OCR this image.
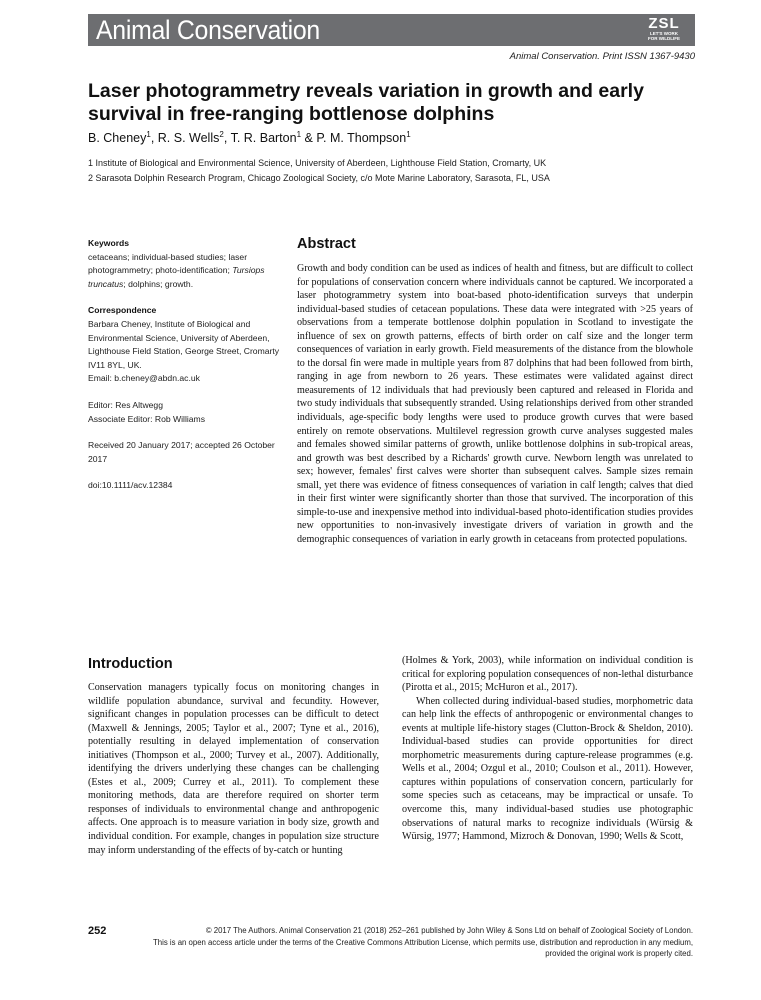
Animal Conservation	ZSL
LET'S WORK
FOR WILDLIFE
Animal Conservation. Print ISSN 1367-9430
Laser photogrammetry reveals variation in growth and early survival in free-ranging bottlenose dolphins
B. Cheney$^1$, R. S. Wells$^2$, T. R. Barton$^1$ & P. M. Thompson$^1$
1 Institute of Biological and Environmental Science, University of Aberdeen, Lighthouse Field Station, Cromarty, UK
2 Sarasota Dolphin Research Program, Chicago Zoological Society, c/o Mote Marine Laboratory, Sarasota, FL, USA

Keywords

cetaceans; individual-based studies; laser photogrammetry; photo-identification; Tursiops truncatus; dolphins; growth.

Correspondence

Barbara Cheney, Institute of Biological and Environmental Science, University of Aberdeen, Lighthouse Field Station, George Street, Cromarty IV11 8YL, UK.

Email: b.cheney@abdn.ac.uk

Editor: Res Altwegg

Associate Editor: Rob Williams

Received 20 January 2017; accepted 26 October 2017

doi:10.1111/acv.12384

Abstract

Growth and body condition can be used as indices of health and fitness, but are difficult to collect for populations of conservation concern where individuals cannot be captured. We incorporated a laser photogrammetry system into boat-based photo-identification surveys that underpin individual-based studies of cetacean populations. These data were integrated with >25 years of observations from a temperate bottlenose dolphin population in Scotland to investigate the influence of sex on growth patterns, effects of birth order on calf size and the longer term consequences of variation in early growth. Field measurements of the distance from the blowhole to the dorsal fin were made in multiple years from 87 dolphins that had been followed from birth, ranging in age from newborn to 26 years. These estimates were validated against direct measurements of 12 individuals that had previously been captured and released in Florida and two study individuals that subsequently stranded. Using relationships derived from other stranded individuals, age-specific body lengths were used to produce growth curves that were based entirely on remote observations. Multilevel regression growth curve analyses suggested males and females showed similar patterns of growth, unlike bottlenose dolphins in sub-tropical areas, and growth was best described by a Richards' growth curve. Newborn length was unrelated to sex; however, females' first calves were shorter than subsequent calves. Sample sizes remain small, yet there was evidence of fitness consequences of variation in calf length; calves that died in their first winter were significantly shorter than those that survived. The incorporation of this simple-to-use and inexpensive method into individual-based photo-identification studies provides new opportunities to non-invasively investigate drivers of variation in growth and the demographic consequences of variation in early growth in cetaceans from protected populations.

Introduction

Conservation managers typically focus on monitoring changes in wildlife population abundance, survival and fecundity. However, significant changes in population processes can be difficult to detect (Maxwell & Jennings, 2005; Taylor et al., 2007; Tyne et al., 2016), potentially resulting in delayed implementation of conservation initiatives (Thompson et al., 2000; Turvey et al., 2007). Additionally, identifying the drivers underlying these changes can be challenging (Estes et al., 2009; Currey et al., 2011). To complement these monitoring methods, data are therefore required on shorter term responses of individuals to environmental change and anthropogenic affects. One approach is to measure variation in body size, growth and individual condition. For example, changes in population size structure may inform understanding of the effects of by-catch or hunting

(Holmes & York, 2003), while information on individual condition is critical for exploring population consequences of non-lethal disturbance (Pirotta et al., 2015; McHuron et al., 2017).

When collected during individual-based studies, morphometric data can help link the effects of anthropogenic or environmental changes to events at multiple life-history stages (Clutton-Brock & Sheldon, 2010). Individual-based studies can provide opportunities for direct morphometric measurements during capture-release programmes (e.g. Wells et al., 2004; Ozgul et al., 2010; Coulson et al., 2011). However, captures within populations of conservation concern, particularly for some species such as cetaceans, may be impractical or unsafe. To overcome this, many individual-based studies use photographic observations of natural marks to recognize individuals (Würsig & Würsig, 1977; Hammond, Mizroch & Donovan, 1990; Wells & Scott,

252	© 2017 The Authors. Animal Conservation 21 (2018) 252–261 published by John Wiley & Sons Ltd on behalf of Zoological Society of London.

This is an open access article under the terms of the Creative Commons Attribution License, which permits use, distribution and reproduction in any medium,

provided the original work is properly cited.
